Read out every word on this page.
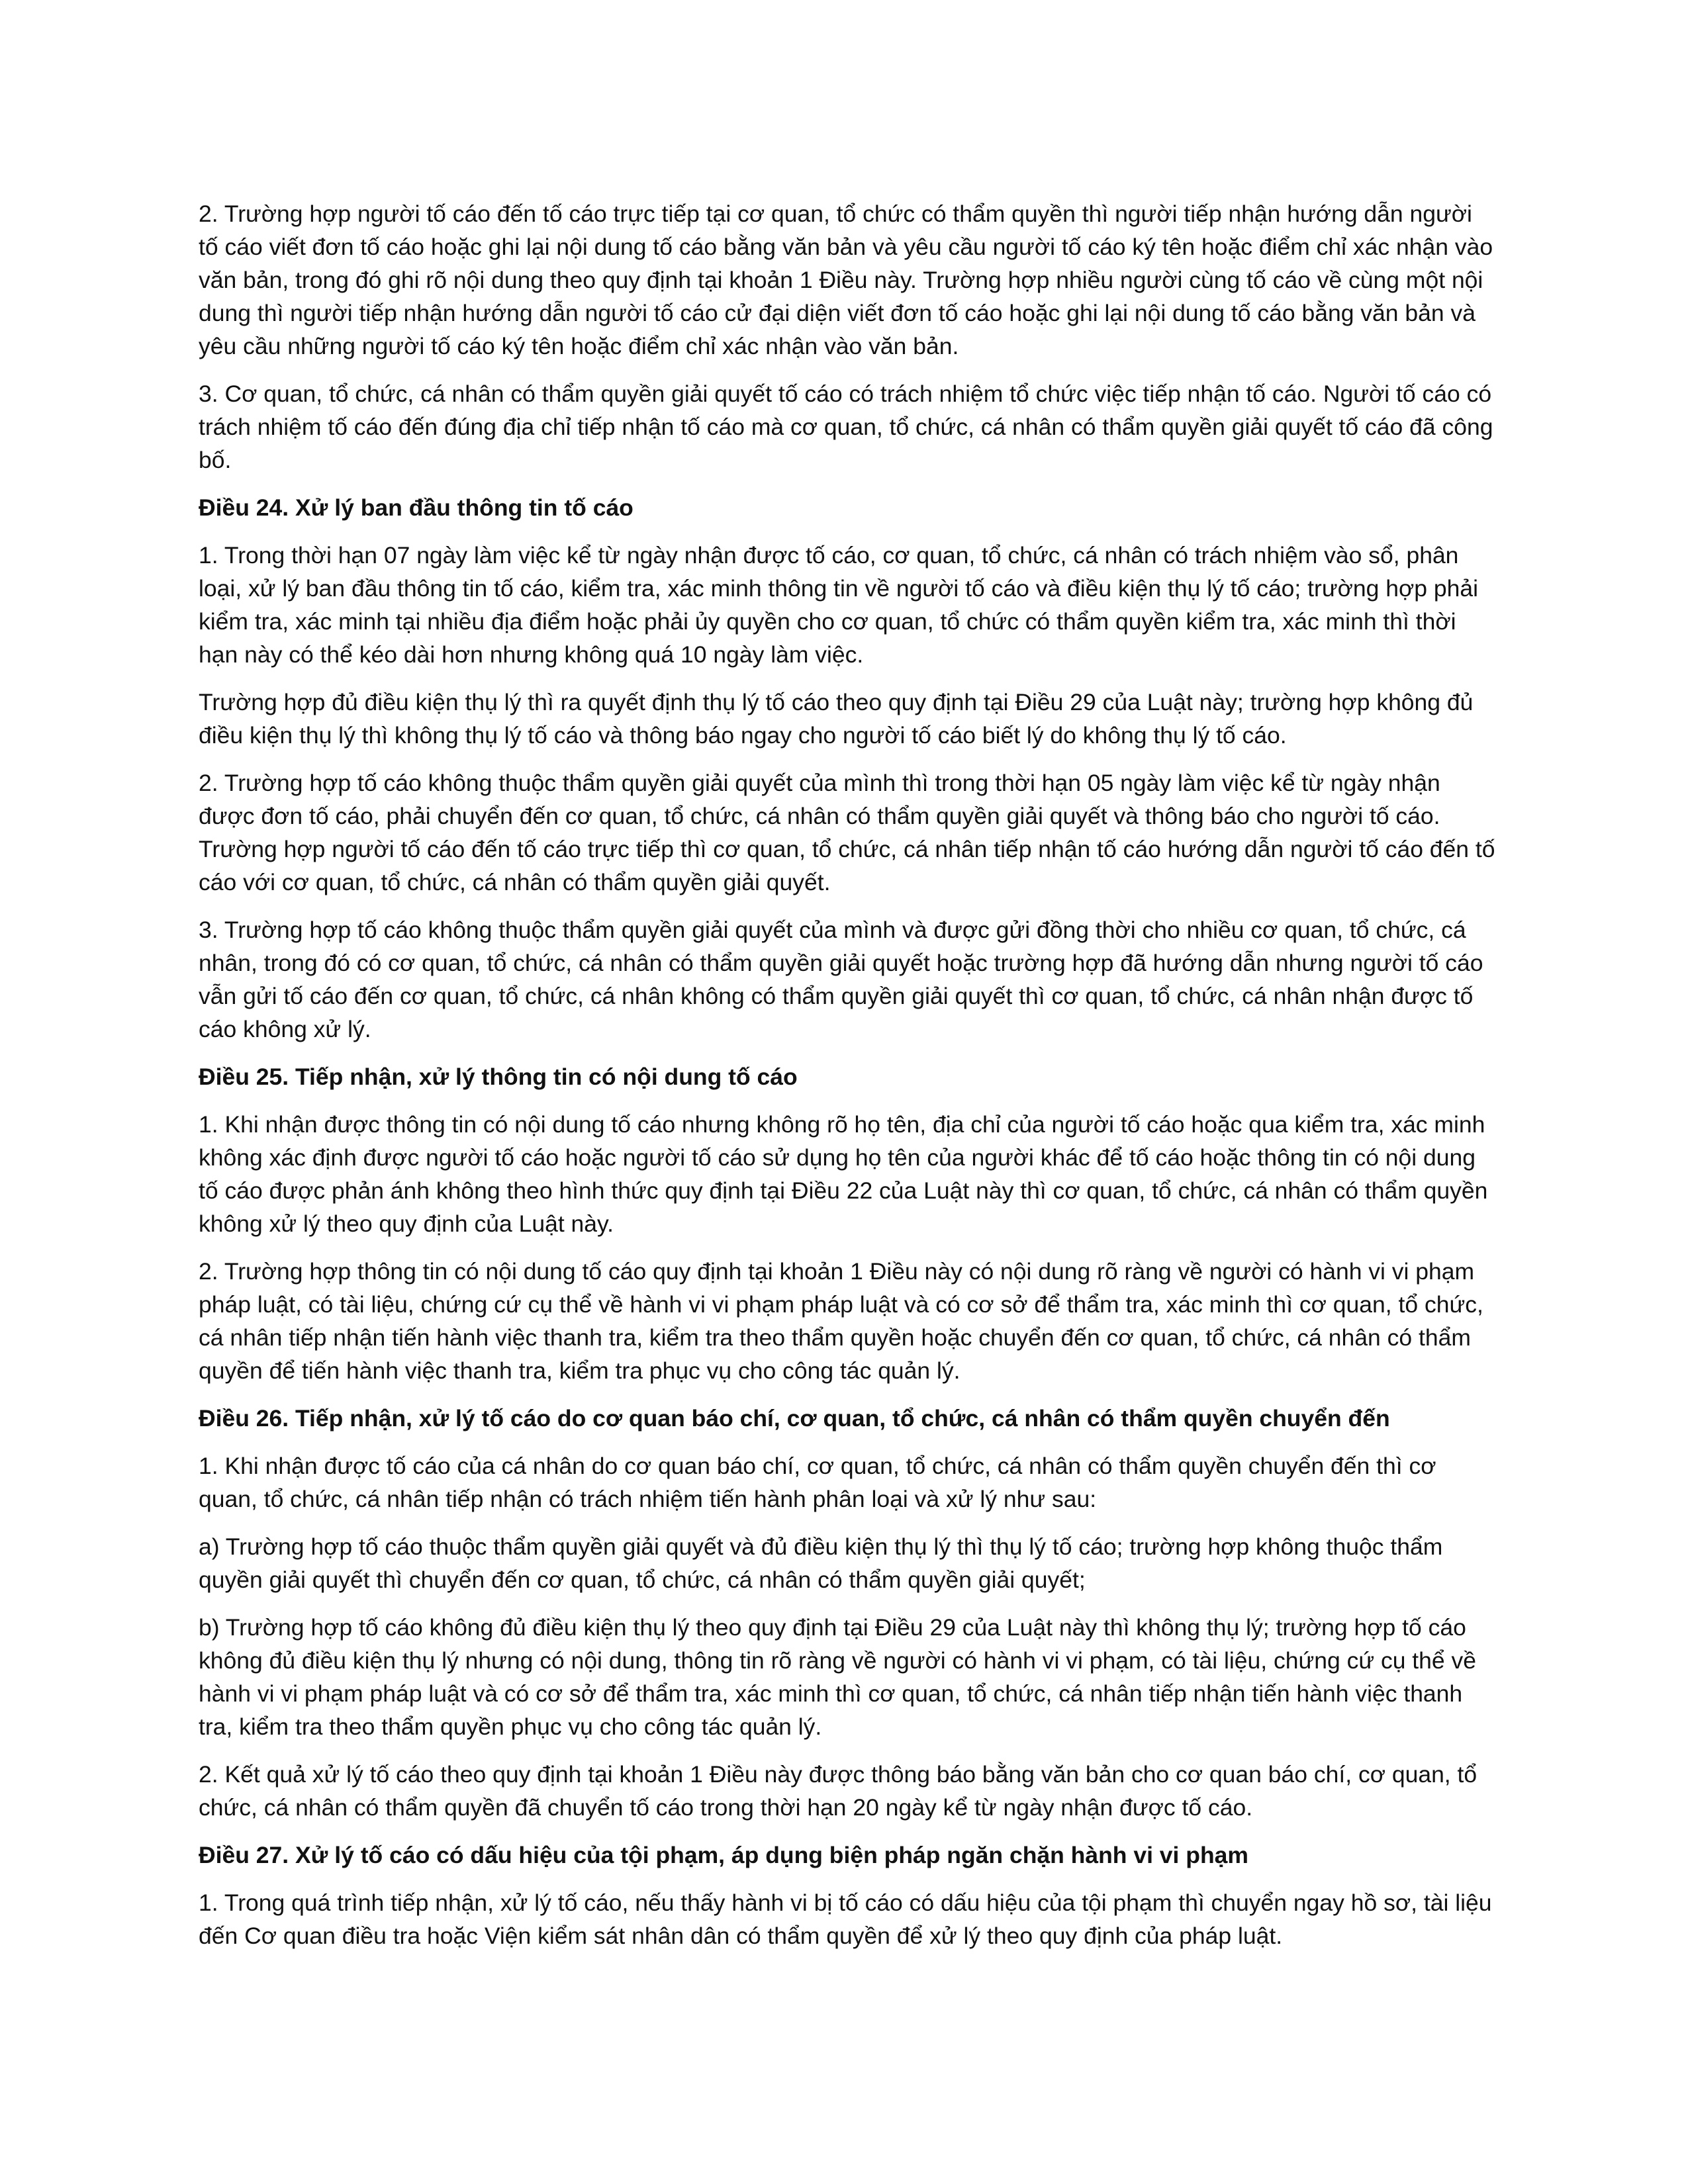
2. Trường hợp người tố cáo đến tố cáo trực tiếp tại cơ quan, tổ chức có thẩm quyền thì người tiếp nhận hướng dẫn người tố cáo viết đơn tố cáo hoặc ghi lại nội dung tố cáo bằng văn bản và yêu cầu người tố cáo ký tên hoặc điểm chỉ xác nhận vào văn bản, trong đó ghi rõ nội dung theo quy định tại khoản 1 Điều này. Trường hợp nhiều người cùng tố cáo về cùng một nội dung thì người tiếp nhận hướng dẫn người tố cáo cử đại diện viết đơn tố cáo hoặc ghi lại nội dung tố cáo bằng văn bản và yêu cầu những người tố cáo ký tên hoặc điểm chỉ xác nhận vào văn bản.

3. Cơ quan, tổ chức, cá nhân có thẩm quyền giải quyết tố cáo có trách nhiệm tổ chức việc tiếp nhận tố cáo. Người tố cáo có trách nhiệm tố cáo đến đúng địa chỉ tiếp nhận tố cáo mà cơ quan, tổ chức, cá nhân có thẩm quyền giải quyết tố cáo đã công bố.

Điều 24. Xử lý ban đầu thông tin tố cáo

1. Trong thời hạn 07 ngày làm việc kể từ ngày nhận được tố cáo, cơ quan, tổ chức, cá nhân có trách nhiệm vào sổ, phân loại, xử lý ban đầu thông tin tố cáo, kiểm tra, xác minh thông tin về người tố cáo và điều kiện thụ lý tố cáo; trường hợp phải kiểm tra, xác minh tại nhiều địa điểm hoặc phải ủy quyền cho cơ quan, tổ chức có thẩm quyền kiểm tra, xác minh thì thời hạn này có thể kéo dài hơn nhưng không quá 10 ngày làm việc.

Trường hợp đủ điều kiện thụ lý thì ra quyết định thụ lý tố cáo theo quy định tại Điều 29 của Luật này; trường hợp không đủ điều kiện thụ lý thì không thụ lý tố cáo và thông báo ngay cho người tố cáo biết lý do không thụ lý tố cáo.

2. Trường hợp tố cáo không thuộc thẩm quyền giải quyết của mình thì trong thời hạn 05 ngày làm việc kể từ ngày nhận được đơn tố cáo, phải chuyển đến cơ quan, tổ chức, cá nhân có thẩm quyền giải quyết và thông báo cho người tố cáo. Trường hợp người tố cáo đến tố cáo trực tiếp thì cơ quan, tổ chức, cá nhân tiếp nhận tố cáo hướng dẫn người tố cáo đến tố cáo với cơ quan, tổ chức, cá nhân có thẩm quyền giải quyết.

3. Trường hợp tố cáo không thuộc thẩm quyền giải quyết của mình và được gửi đồng thời cho nhiều cơ quan, tổ chức, cá nhân, trong đó có cơ quan, tổ chức, cá nhân có thẩm quyền giải quyết hoặc trường hợp đã hướng dẫn nhưng người tố cáo vẫn gửi tố cáo đến cơ quan, tổ chức, cá nhân không có thẩm quyền giải quyết thì cơ quan, tổ chức, cá nhân nhận được tố cáo không xử lý.

Điều 25. Tiếp nhận, xử lý thông tin có nội dung tố cáo

1. Khi nhận được thông tin có nội dung tố cáo nhưng không rõ họ tên, địa chỉ của người tố cáo hoặc qua kiểm tra, xác minh không xác định được người tố cáo hoặc người tố cáo sử dụng họ tên của người khác để tố cáo hoặc thông tin có nội dung tố cáo được phản ánh không theo hình thức quy định tại Điều 22 của Luật này thì cơ quan, tổ chức, cá nhân có thẩm quyền không xử lý theo quy định của Luật này.

2. Trường hợp thông tin có nội dung tố cáo quy định tại khoản 1 Điều này có nội dung rõ ràng về người có hành vi vi phạm pháp luật, có tài liệu, chứng cứ cụ thể về hành vi vi phạm pháp luật và có cơ sở để thẩm tra, xác minh thì cơ quan, tổ chức, cá nhân tiếp nhận tiến hành việc thanh tra, kiểm tra theo thẩm quyền hoặc chuyển đến cơ quan, tổ chức, cá nhân có thẩm quyền để tiến hành việc thanh tra, kiểm tra phục vụ cho công tác quản lý.

Điều 26. Tiếp nhận, xử lý tố cáo do cơ quan báo chí, cơ quan, tổ chức, cá nhân có thẩm quyền chuyển đến

1. Khi nhận được tố cáo của cá nhân do cơ quan báo chí, cơ quan, tổ chức, cá nhân có thẩm quyền chuyển đến thì cơ quan, tổ chức, cá nhân tiếp nhận có trách nhiệm tiến hành phân loại và xử lý như sau:

a) Trường hợp tố cáo thuộc thẩm quyền giải quyết và đủ điều kiện thụ lý thì thụ lý tố cáo; trường hợp không thuộc thẩm quyền giải quyết thì chuyển đến cơ quan, tổ chức, cá nhân có thẩm quyền giải quyết;

b) Trường hợp tố cáo không đủ điều kiện thụ lý theo quy định tại Điều 29 của Luật này thì không thụ lý; trường hợp tố cáo không đủ điều kiện thụ lý nhưng có nội dung, thông tin rõ ràng về người có hành vi vi phạm, có tài liệu, chứng cứ cụ thể về hành vi vi phạm pháp luật và có cơ sở để thẩm tra, xác minh thì cơ quan, tổ chức, cá nhân tiếp nhận tiến hành việc thanh tra, kiểm tra theo thẩm quyền phục vụ cho công tác quản lý.

2. Kết quả xử lý tố cáo theo quy định tại khoản 1 Điều này được thông báo bằng văn bản cho cơ quan báo chí, cơ quan, tổ chức, cá nhân có thẩm quyền đã chuyển tố cáo trong thời hạn 20 ngày kể từ ngày nhận được tố cáo.

Điều 27. Xử lý tố cáo có dấu hiệu của tội phạm, áp dụng biện pháp ngăn chặn hành vi vi phạm

1. Trong quá trình tiếp nhận, xử lý tố cáo, nếu thấy hành vi bị tố cáo có dấu hiệu của tội phạm thì chuyển ngay hồ sơ, tài liệu đến Cơ quan điều tra hoặc Viện kiểm sát nhân dân có thẩm quyền để xử lý theo quy định của pháp luật.
